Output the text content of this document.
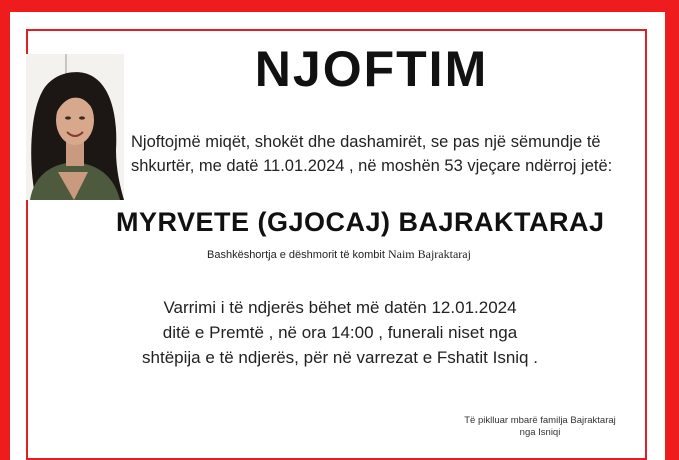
NJOFTIM
Njoftojmë miqët, shokët dhe dashamirët, se pas një sëmundje të
shkurtër, me datë 11.01.2024 , në moshën 53 vjeçare ndërroj jetë:
MYRVETE (GJOCAJ) BAJRAKTARAJ
Bashkëshortja e dëshmorit të kombit Naim Bajraktaraj
Varrimi i të ndjerës bëhet më datën 12.01.2024
ditë e Premtë , në ora 14:00 , funerali niset nga
shtëpija e të ndjerës, për në varrezat e Fshatit Isniq .
Të piklluar mbarë familja Bajraktaraj
nga Isniqi
